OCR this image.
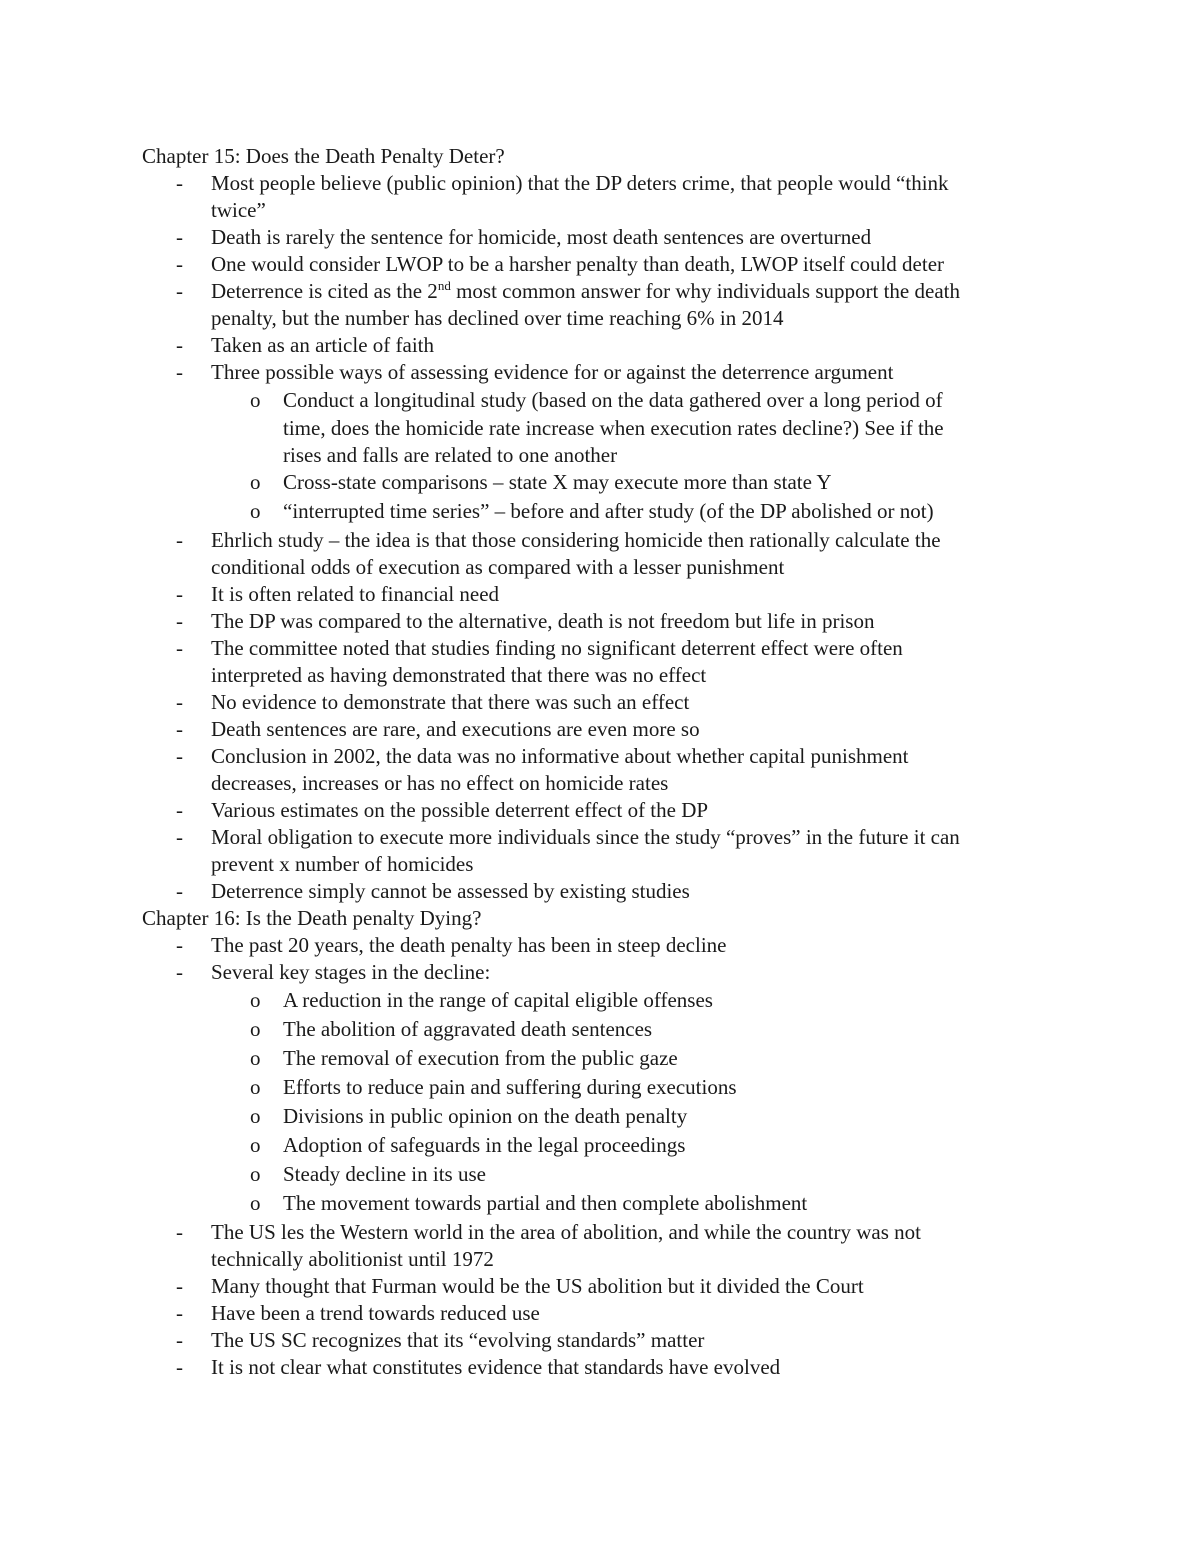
Chapter 15: Does the Death Penalty Deter?
- Most people believe (public opinion) that the DP deters crime, that people would “think
twice”
- Death is rarely the sentence for homicide, most death sentences are overturned
- One would consider LWOP to be a harsher penalty than death, LWOP itself could deter
- Deterrence is cited as the 2nd most common answer for why individuals support the death
penalty, but the number has declined over time reaching 6% in 2014
- Taken as an article of faith
- Three possible ways of assessing evidence for or against the deterrence argument
o Conduct a longitudinal study (based on the data gathered over a long period of
time, does the homicide rate increase when execution rates decline?) See if the
rises and falls are related to one another
o Cross-state comparisons – state X may execute more than state Y
o “interrupted time series” – before and after study (of the DP abolished or not)
- Ehrlich study – the idea is that those considering homicide then rationally calculate the
conditional odds of execution as compared with a lesser punishment
- It is often related to financial need
- The DP was compared to the alternative, death is not freedom but life in prison
- The committee noted that studies finding no significant deterrent effect were often
interpreted as having demonstrated that there was no effect
- No evidence to demonstrate that there was such an effect
- Death sentences are rare, and executions are even more so
- Conclusion in 2002, the data was no informative about whether capital punishment
decreases, increases or has no effect on homicide rates
- Various estimates on the possible deterrent effect of the DP
- Moral obligation to execute more individuals since the study “proves” in the future it can
prevent x number of homicides
- Deterrence simply cannot be assessed by existing studies
Chapter 16: Is the Death penalty Dying?
- The past 20 years, the death penalty has been in steep decline
- Several key stages in the decline:
o A reduction in the range of capital eligible offenses
o The abolition of aggravated death sentences
o The removal of execution from the public gaze
o Efforts to reduce pain and suffering during executions
o Divisions in public opinion on the death penalty
o Adoption of safeguards in the legal proceedings
o Steady decline in its use
o The movement towards partial and then complete abolishment
- The US les the Western world in the area of abolition, and while the country was not
technically abolitionist until 1972
- Many thought that Furman would be the US abolition but it divided the Court
- Have been a trend towards reduced use
- The US SC recognizes that its “evolving standards” matter
- It is not clear what constitutes evidence that standards have evolved
